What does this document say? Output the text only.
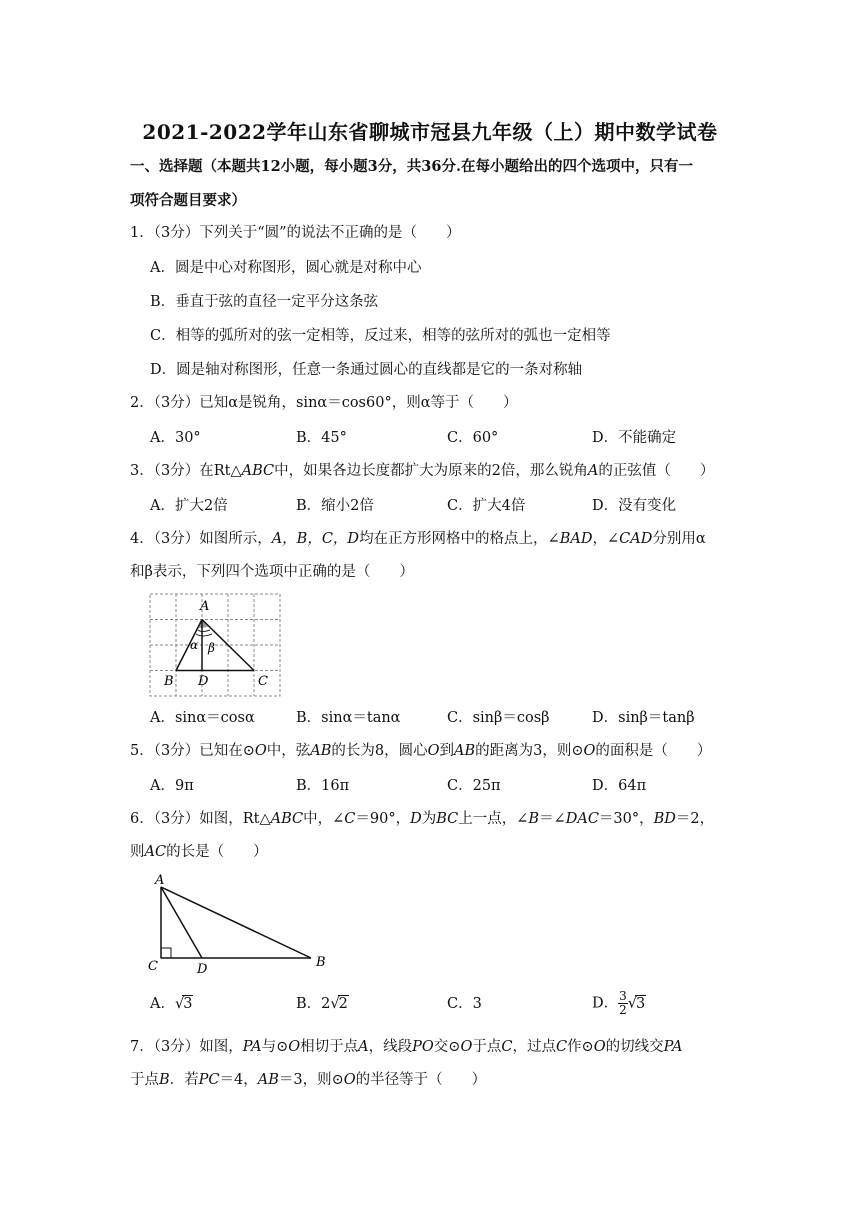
2021-2022学年山东省聊城市冠县九年级（上）期中数学试卷
一、选择题（本题共12小题，每小题3分，共36分.在每小题给出的四个选项中，只有一
项符合题目要求）
1．（3分）下列关于“圆”的说法不正确的是（　　）
A．圆是中心对称图形，圆心就是对称中心
B．垂直于弦的直径一定平分这条弦
C．相等的弧所对的弦一定相等，反过来，相等的弦所对的弧也一定相等
D．圆是轴对称图形，任意一条通过圆心的直线都是它的一条对称轴
2．（3分）已知α是锐角，sinα＝cos60°，则α等于（　　）
A．30°	B．45°	C．60°	D．不能确定
3．（3分）在Rt△ABC中，如果各边长度都扩大为原来的2倍，那么锐角A的正弦值（　　）
A．扩大2倍	B．缩小2倍	C．扩大4倍	D．没有变化
4．（3分）如图所示，A，B，C，D均在正方形网格中的格点上，∠BAD，∠CAD分别用α
和β表示，下列四个选项中正确的是（　　）
A
B D	C
α β
A．sinα＝cosα	B．sinα＝tanα	C．sinβ＝cosβ	D．sinβ＝tanβ
5．（3分）已知在⊙O中，弦AB的长为8，圆心O到AB的距离为3，则⊙O的面积是（　　）
A．9π	B．16π	C．25π	D．64π
6．（3分）如图，Rt△ABC中，∠C＝90°，D为BC上一点，∠B＝∠DAC＝30°，BD＝2，
则AC的长是（　　）
A
C	D	B
A．√3	B．2√2	C．3	D． $\frac{3}{2} √3$
7．（3分）如图，PA与⊙O相切于点A，线段PO交⊙O于点C，过点C作⊙O的切线交PA
于点B．若PC＝4，AB＝3，则⊙O的半径等于（　　）
